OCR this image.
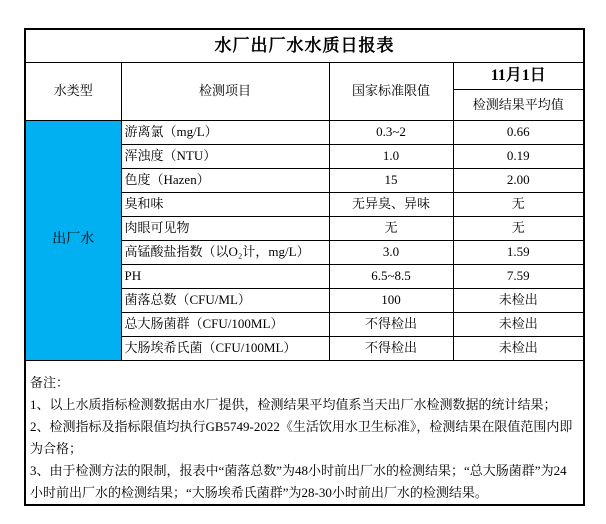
水厂出厂水水质日报表			
水类型	检测项目	国家标准限值	11月1日
			检测结果平均值
出厂水	游离氯（mg/L）	0.3~2	0.66
	浑浊度（NTU）	1.0	0.19
	色度（Hazen）	15	2.00
	臭和味	无异臭、异味	无
	肉眼可见物	无	无
	高锰酸盐指数（以O₂计，mg/L）	3.0	1.59
	PH	6.5~8.5	7.59
	菌落总数（CFU/ML）	100	未检出
	总大肠菌群（CFU/100ML）	不得检出	未检出
	大肠埃希氏菌（CFU/100ML）	不得检出	未检出

备注：
1、以上水质指标检测数据由水厂提供，检测结果平均值系当天出厂水检测数据的统计结果；
2、检测指标及指标限值均执行GB5749-2022《生活饮用水卫生标准》，检测结果在限值范围内即为合格；
3、由于检测方法的限制，报表中“菌落总数”为48小时前出厂水的检测结果；“总大肠菌群”为24小时前出厂水的检测结果；“大肠埃希氏菌群”为28-30小时前出厂水的检测结果。			
